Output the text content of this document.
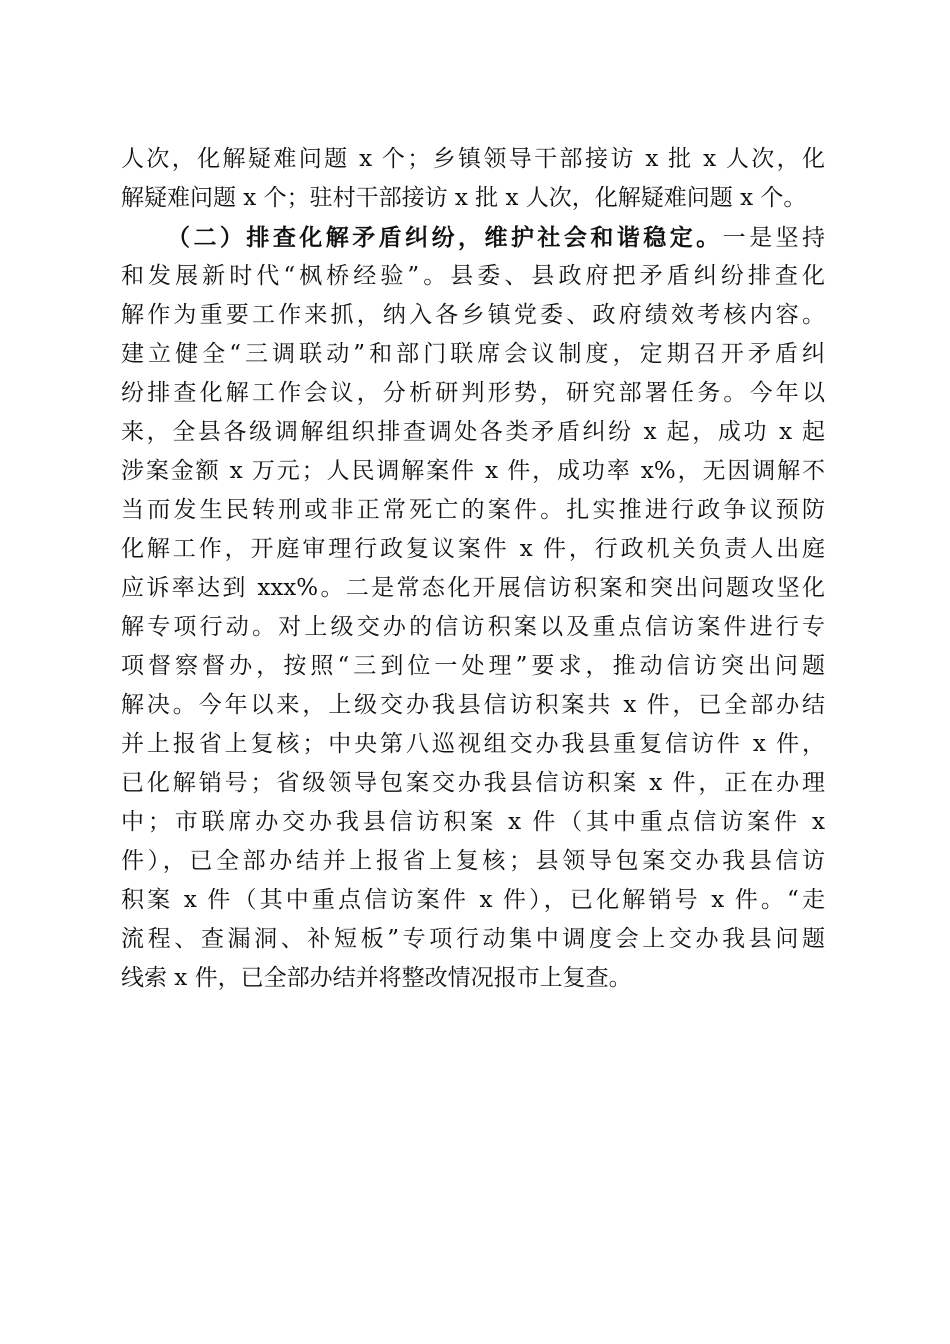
人次，化解疑难问题 x 个；乡镇领导干部接访 x 批 x 人次，化
解疑难问题 x 个；驻村干部接访 x 批 x 人次，化解疑难问题 x 个。
（二）排查化解矛盾纠纷，维护社会和谐稳定。一是坚持
和发展新时代“枫桥经验”。县委、县政府把矛盾纠纷排查化
解作为重要工作来抓，纳入各乡镇党委、政府绩效考核内容。
建立健全“三调联动”和部门联席会议制度，定期召开矛盾纠
纷排查化解工作会议，分析研判形势，研究部署任务。今年以
来，全县各级调解组织排查调处各类矛盾纠纷 x 起，成功 x 起
涉案金额 x 万元；人民调解案件 x 件，成功率 x%，无因调解不
当而发生民转刑或非正常死亡的案件。扎实推进行政争议预防
化解工作，开庭审理行政复议案件 x 件，行政机关负责人出庭
应诉率达到 xxx%。二是常态化开展信访积案和突出问题攻坚化
解专项行动。对上级交办的信访积案以及重点信访案件进行专
项督察督办，按照“三到位一处理”要求，推动信访突出问题
解决。今年以来，上级交办我县信访积案共 x 件，已全部办结
并上报省上复核；中央第八巡视组交办我县重复信访件 x 件，
已化解销号；省级领导包案交办我县信访积案 x 件，正在办理
中；市联席办交办我县信访积案 x 件（其中重点信访案件 x
件），已全部办结并上报省上复核；县领导包案交办我县信访
积案 x 件（其中重点信访案件 x 件），已化解销号 x 件。“走
流程、查漏洞、补短板”专项行动集中调度会上交办我县问题
线索 x 件，已全部办结并将整改情况报市上复查。
